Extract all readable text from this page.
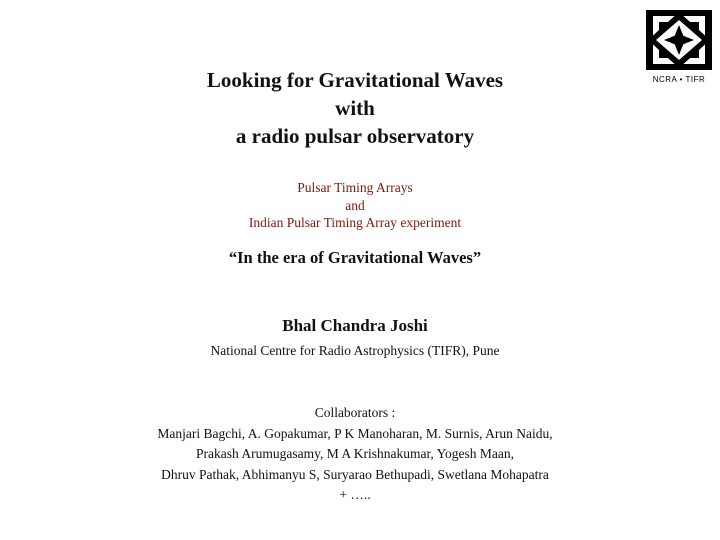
NCRA • TIFR
Looking for Gravitational Waves
with
a radio pulsar observatory
Pulsar Timing Arrays
and
Indian Pulsar Timing Array experiment
“In the era of Gravitational Waves”
Bhal Chandra Joshi
National Centre for Radio Astrophysics (TIFR), Pune
Collaborators :
Manjari Bagchi, A. Gopakumar, P K Manoharan, M. Surnis, Arun Naidu,
Prakash Arumugasamy, M A Krishnakumar, Yogesh Maan,
Dhruv Pathak, Abhimanyu S, Suryarao Bethupadi, Swetlana Mohapatra
+ …..
